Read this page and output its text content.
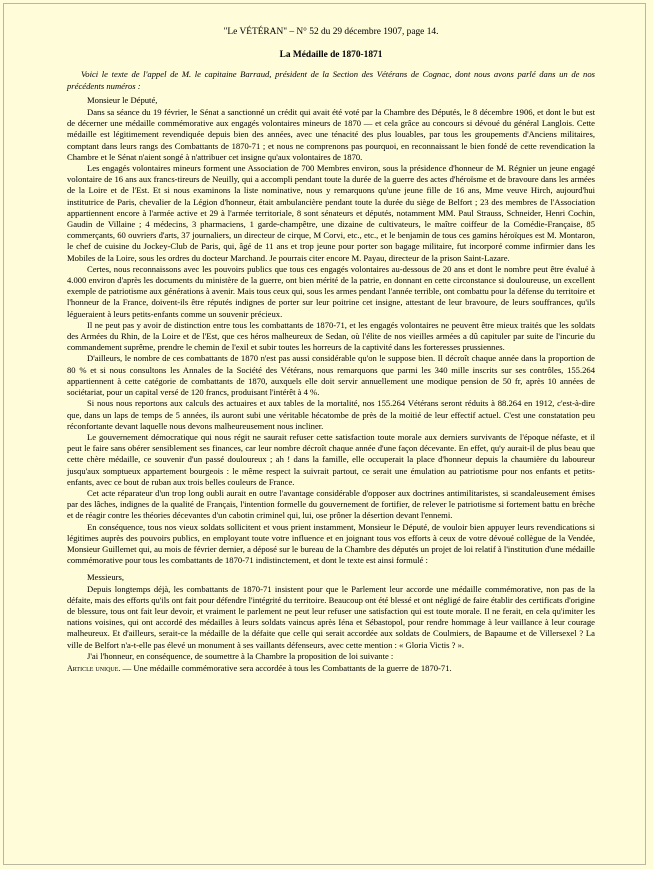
"Le VÉTÉRAN" – N° 52 du 29 décembre 1907, page 14.
La Médaille de 1870-1871

Voici le texte de l'appel de M. le capitaine Barraud, président de la Section des Vétérans de Cognac, dont nous avons parlé dans un de nos précédents numéros :

Monsieur le Député,

Dans sa séance du 19 février, le Sénat a sanctionné un crédit qui avait été voté par la Chambre des Députés, le 8 décembre 1906, et dont le but est de décerner une médaille commémorative aux engagés volontaires mineurs de 1870 — et cela grâce au concours si dévoué du général Langlois. Cette médaille est légitimement revendiquée depuis bien des années, avec une ténacité des plus louables, par tous les groupements d'Anciens militaires, comptant dans leurs rangs des Combattants de 1870-71 ; et nous ne comprenons pas pourquoi, en reconnaissant le bien fondé de cette revendication la Chambre et le Sénat n'aient songé à n'attribuer cet insigne qu'aux volontaires de 1870.

Les engagés volontaires mineurs forment une Association de 700 Membres environ, sous la présidence d'honneur de M. Régnier un jeune engagé volontaire de 16 ans aux francs-tireurs de Neuilly, qui a accompli pendant toute la durée de la guerre des actes d'héroïsme et de bravoure dans les armées de la Loire et de l'Est. Et si nous examinons la liste nominative, nous y remarquons qu'une jeune fille de 16 ans, Mme veuve Hirch, aujourd'hui institutrice de Paris, chevalier de la Légion d'honneur, était ambulancière pendant toute la durée du siège de Belfort ; 23 des membres de l'Association appartiennent encore à l'armée active et 29 à l'armée territoriale, 8 sont sénateurs et députés, notamment MM. Paul Strauss, Schneider, Henri Cochin, Gaudin de Villaine ; 4 médecins, 3 pharmaciens, 1 garde-champêtre, une dizaine de cultivateurs, le maître coiffeur de la Comédie-Française, 85 commerçants, 60 ouvriers d'arts, 37 journaliers, un directeur de cirque, M Corvi, etc., etc., et le benjamin de tous ces gamins héroïques est M. Montaron, le chef de cuisine du Jockey-Club de Paris, qui, âgé de 11 ans et trop jeune pour porter son bagage militaire, fut incorporé comme infirmier dans les Mobiles de la Loire, sous les ordres du docteur Marchand. Je pourrais citer encore M. Payau, directeur de la prison Saint-Lazare.

Certes, nous reconnaissons avec les pouvoirs publics que tous ces engagés volontaires au-dessous de 20 ans et dont le nombre peut être évalué à 4.000 environ d'après les documents du ministère de la guerre, ont bien mérité de la patrie, en donnant en cette circonstance si douloureuse, un excellent exemple de patriotisme aux générations à avenir. Mais tous ceux qui, sous les armes pendant l'année terrible, ont combattu pour la défense du territoire et l'honneur de la France, doivent-ils être réputés indignes de porter sur leur poitrine cet insigne, attestant de leur bravoure, de leurs souffrances, qu'ils légueraient à leurs petits-enfants comme un souvenir précieux.

Il ne peut pas y avoir de distinction entre tous les combattants de 1870-71, et les engagés volontaires ne peuvent être mieux traités que les soldats des Armées du Rhin, de la Loire et de l'Est, que ces héros malheureux de Sedan, où l'élite de nos vieilles armées a dû capituler par suite de l'incurie du commandement suprême, prendre le chemin de l'exil et subir toutes les horreurs de la captivité dans les forteresses prussiennes.

D'ailleurs, le nombre de ces combattants de 1870 n'est pas aussi considérable qu'on le suppose bien. Il décroît chaque année dans la proportion de 80 % et si nous consultons les Annales de la Société des Vétérans, nous remarquons que parmi les 340 mille inscrits sur ses contrôles, 155.264 appartiennent à cette catégorie de combattants de 1870, auxquels elle doit servir annuellement une modique pension de 50 fr, après 10 années de sociétariat, pour un capital versé de 120 francs, produisant l'intérêt à 4 %.

Si nous nous reportons aux calculs des actuaires et aux tables de la mortalité, nos 155.264 Vétérans seront réduits à 88.264 en 1912, c'est-à-dire que, dans un laps de temps de 5 années, ils auront subi une véritable hécatombe de près de la moitié de leur effectif actuel. C'est une constatation peu réconfortante devant laquelle nous devons malheureusement nous incliner.

Le gouvernement démocratique qui nous régit ne saurait refuser cette satisfaction toute morale aux derniers survivants de l'époque néfaste, et il peut le faire sans obérer sensiblement ses finances, car leur nombre décroît chaque année d'une façon décevante. En effet, qu'y aurait-il de plus beau que cette chère médaille, ce souvenir d'un passé douloureux ; ah ! dans la famille, elle occuperait la place d'honneur depuis la chaumière du laboureur jusqu'aux somptueux appartement bourgeois : le même respect la suivrait partout, ce serait une émulation au patriotisme pour nos enfants et petits-enfants, avec ce bout de ruban aux trois belles couleurs de France.

Cet acte réparateur d'un trop long oubli aurait en outre l'avantage considérable d'opposer aux doctrines antimilitaristes, si scandaleusement émises par des lâches, indignes de la qualité de Français, l'intention formelle du gouvernement de fortifier, de relever le patriotisme si fortement battu en brèche et de réagir contre les théories décevantes d'un cabotin criminel qui, lui, ose prôner la désertion devant l'ennemi.

En conséquence, tous nos vieux soldats sollicitent et vous prient instamment, Monsieur le Député, de vouloir bien appuyer leurs revendications si légitimes auprès des pouvoirs publics, en employant toute votre influence et en joignant tous vos efforts à ceux de votre dévoué collègue de la Vendée, Monsieur Guillemet qui, au mois de février dernier, a déposé sur le bureau de la Chambre des députés un projet de loi relatif à l'institution d'une médaille commémorative pour tous les combattants de 1870-71 indistinctement, et dont le texte est ainsi formulé :

Messieurs,

Depuis longtemps déjà, les combattants de 1870-71 insistent pour que le Parlement leur accorde une médaille commémorative, non pas de la défaite, mais des efforts qu'ils ont fait pour défendre l'intégrité du territoire. Beaucoup ont été blessé et ont négligé de faire établir des certificats d'origine de blessure, tous ont fait leur devoir, et vraiment le parlement ne peut leur refuser une satisfaction qui est toute morale. Il ne ferait, en cela qu'imiter les nations voisines, qui ont accordé des médailles à leurs soldats vaincus après Iéna et Sébastopol, pour rendre hommage à leur vaillance à leur courage malheureux. Et d'ailleurs, serait-ce la médaille de la défaite que celle qui serait accordée aux soldats de Coulmiers, de Bapaume et de Villersexel ? La ville de Belfort n'a-t-elle pas élevé un monument à ses vaillants défenseurs, avec cette mention : « Gloria Victis ? ».

J'ai l'honneur, en conséquence, de soumettre à la Chambre la proposition de loi suivante :

Article unique. — Une médaille commémorative sera accordée à tous les Combattants de la guerre de 1870-71.
